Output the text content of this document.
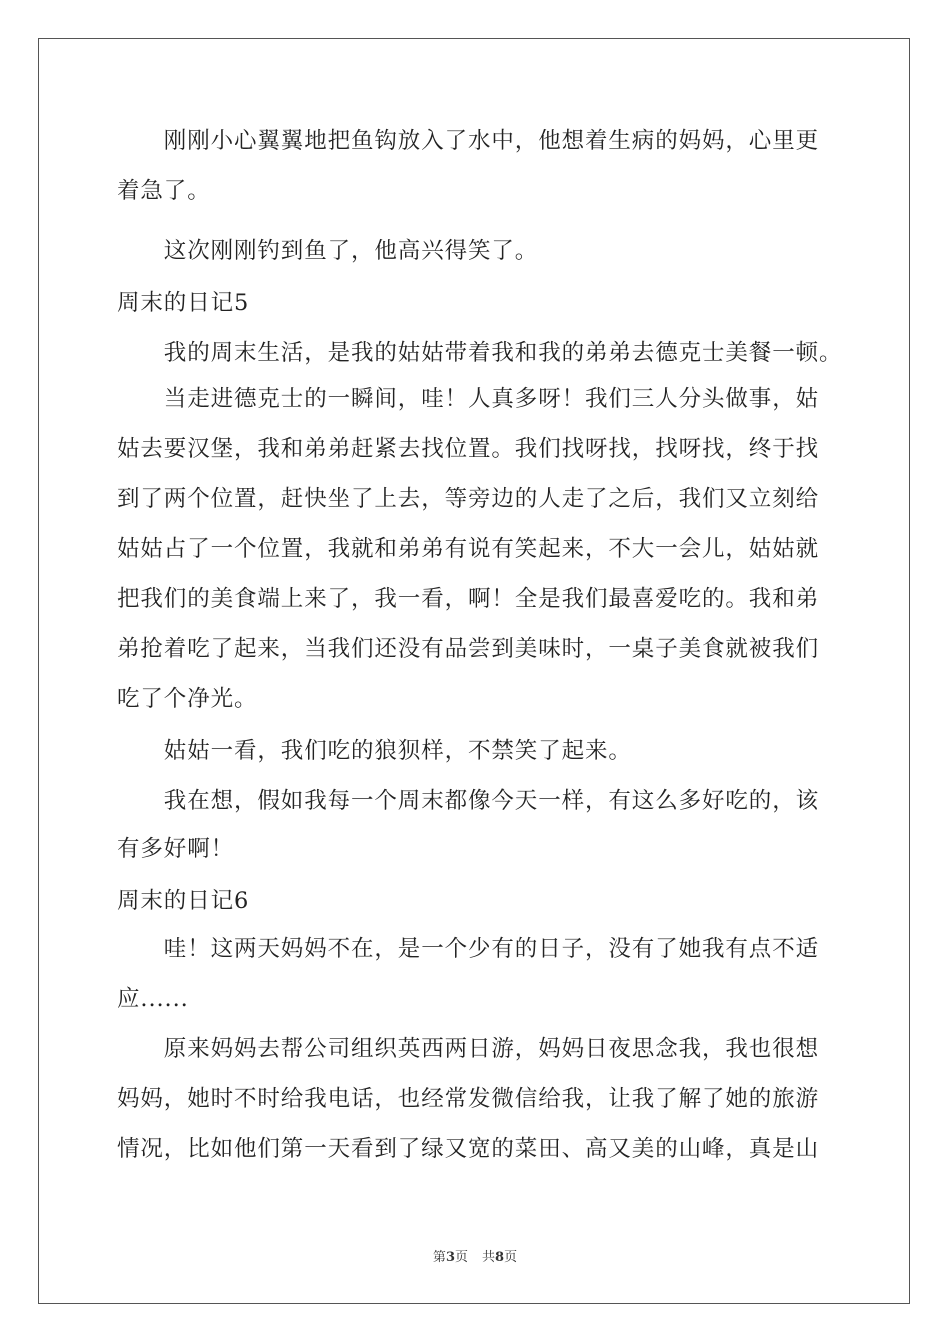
　　刚刚小心翼翼地把鱼钩放入了水中，他想着生病的妈妈，心里更
着急了。
　　这次刚刚钓到鱼了，他高兴得笑了。
周末的日记5
　　我的周末生活，是我的姑姑带着我和我的弟弟去德克士美餐一顿。
　　当走进德克士的一瞬间，哇！人真多呀！我们三人分头做事，姑
姑去要汉堡，我和弟弟赶紧去找位置。我们找呀找，找呀找，终于找
到了两个位置，赶快坐了上去，等旁边的人走了之后，我们又立刻给
姑姑占了一个位置，我就和弟弟有说有笑起来，不大一会儿，姑姑就
把我们的美食端上来了，我一看，啊！全是我们最喜爱吃的。我和弟
弟抢着吃了起来，当我们还没有品尝到美味时，一桌子美食就被我们
吃了个净光。
　　姑姑一看，我们吃的狼狈样，不禁笑了起来。
　　我在想，假如我每一个周末都像今天一样，有这么多好吃的，该
有多好啊！
周末的日记6
　　哇！这两天妈妈不在，是一个少有的日子，没有了她我有点不适
应......
　　原来妈妈去帮公司组织英西两日游，妈妈日夜思念我，我也很想
妈妈，她时不时给我电话，也经常发微信给我，让我了解了她的旅游
情况，比如他们第一天看到了绿又宽的菜田、高又美的山峰，真是山
第3页 共8页
